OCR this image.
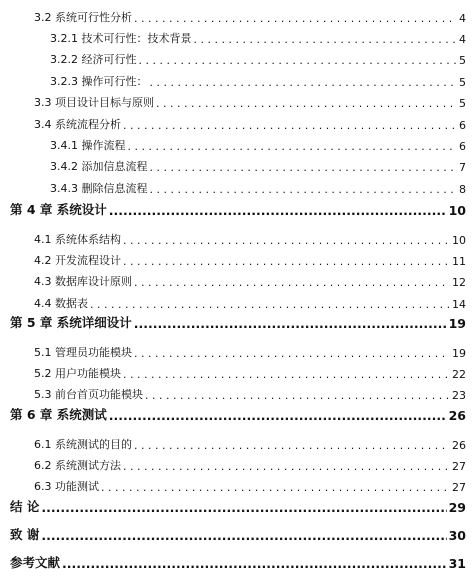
3.2 系统可行性分析 . . .	4
3.2.1 技术可行性：技术背景 . . .	4
3.2.2 经济可行性 . . .	5
3.2.3 操作可行性： . . .	5
3.3 项目设计目标与原则 . . .	5
3.4 系统流程分析 . . .	6
3.4.1 操作流程 . . .	6
3.4.2 添加信息流程 . . .	7
3.4.3 删除信息流程 . . .	8
第 4 章 系统设计 .....	10
4.1 系统体系结构 . . .	10
4.2 开发流程设计 . . .	11
4.3 数据库设计原则 . . .	12
4.4 数据表 . . .	14
第 5 章 系统详细设计 .....	19
5.1 管理员功能模块 . . .	19
5.2 用户功能模块 . . .	22
5.3 前台首页功能模块 . . .	23
第 6 章 系统测试 .....	26
6.1 系统测试的目的 . . .	26
6.2 系统测试方法 . . .	27
6.3 功能测试 . . .	27
结 论 .....	29
致 谢 .....	30
参考文献 .....	31
